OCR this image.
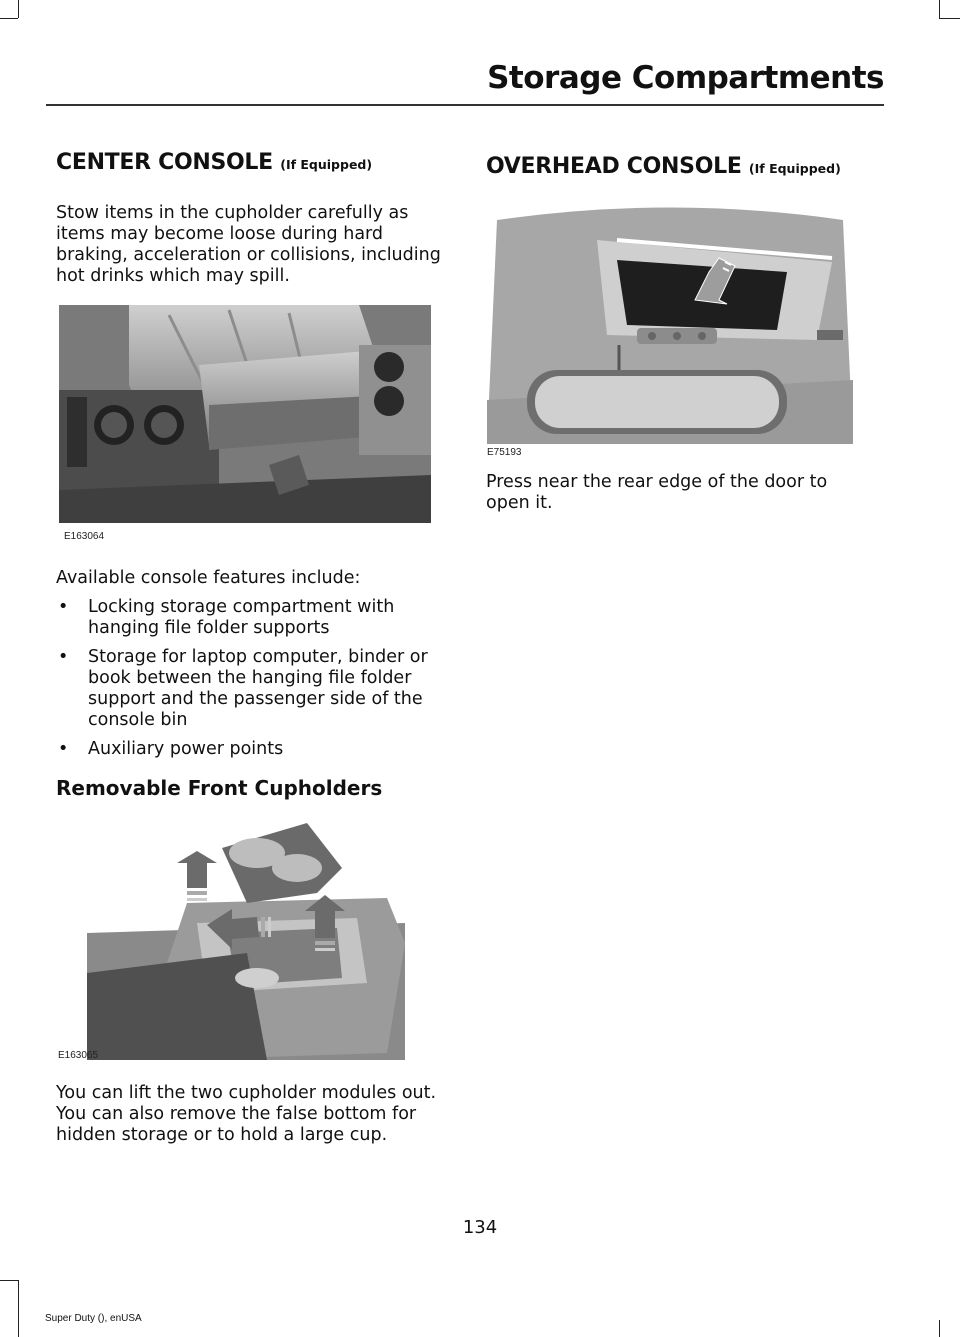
Storage Compartments
CENTER CONSOLE (If Equipped)
Stow items in the cupholder carefully as items may become loose during hard braking, acceleration or collisions, including hot drinks which may spill.
E163064
Available console features include:
• Locking storage compartment with hanging file folder supports
• Storage for laptop computer, binder or book between the hanging file folder support and the passenger side of the console bin
• Auxiliary power points
Removable Front Cupholders
E163065
You can lift the two cupholder modules out. You can also remove the false bottom for hidden storage or to hold a large cup.
OVERHEAD CONSOLE (If Equipped)
E75193
Press near the rear edge of the door to open it.
134
Super Duty (), enUSA
